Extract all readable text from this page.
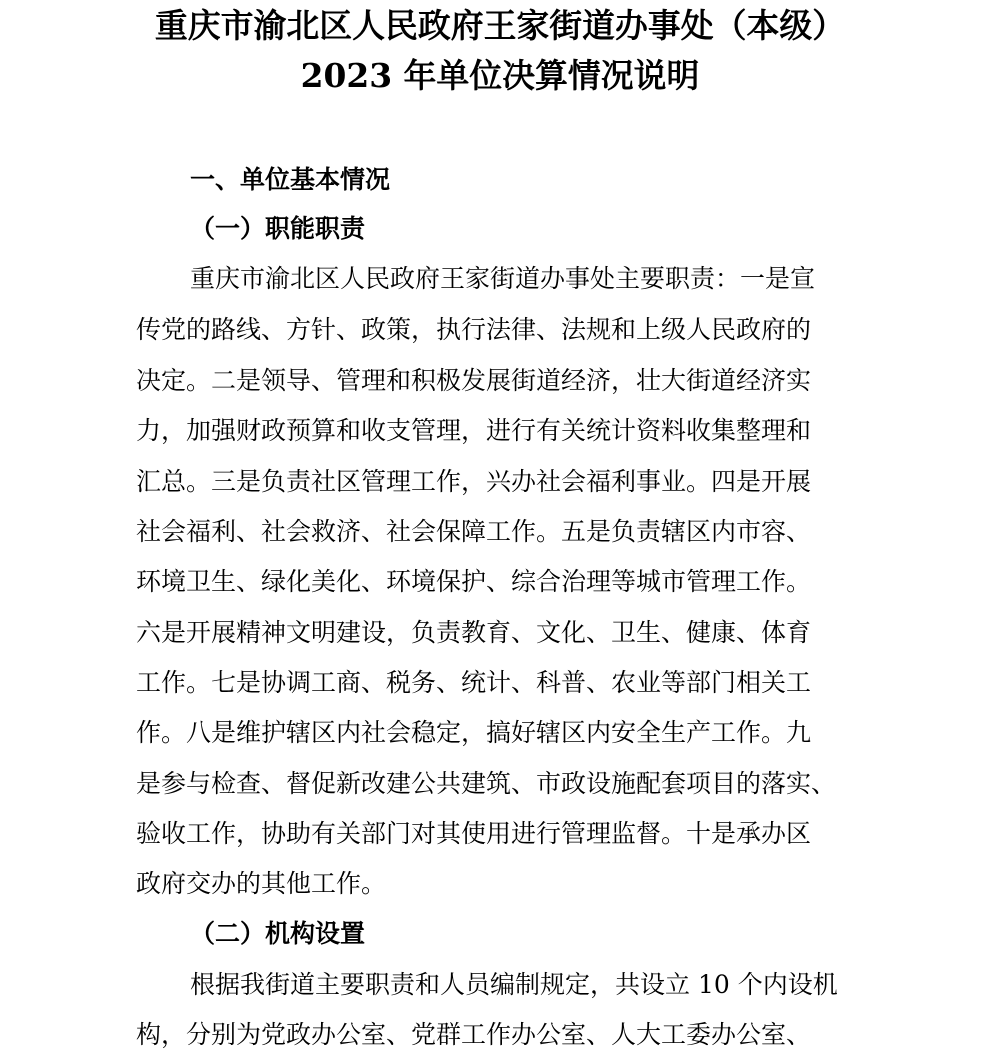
重庆市渝北区人民政府王家街道办事处（本级）
2023 年单位决算情况说明
一、单位基本情况
（一）职能职责

重庆市渝北区人民政府王家街道办事处主要职责：一是宣

传党的路线、方针、政策，执行法律、法规和上级人民政府的

决定。二是领导、管理和积极发展街道经济，壮大街道经济实

力，加强财政预算和收支管理，进行有关统计资料收集整理和

汇总。三是负责社区管理工作，兴办社会福利事业。四是开展

社会福利、社会救济、社会保障工作。五是负责辖区内市容、

环境卫生、绿化美化、环境保护、综合治理等城市管理工作。

六是开展精神文明建设，负责教育、文化、卫生、健康、体育

工作。七是协调工商、税务、统计、科普、农业等部门相关工

作。八是维护辖区内社会稳定，搞好辖区内安全生产工作。九

是参与检查、督促新改建公共建筑、市政设施配套项目的落实、

验收工作，协助有关部门对其使用进行管理监督。十是承办区

政府交办的其他工作。

（二）机构设置

根据我街道主要职责和人员编制规定，共设立 10 个内设机

构，分别为党政办公室、党群工作办公室、人大工委办公室、
